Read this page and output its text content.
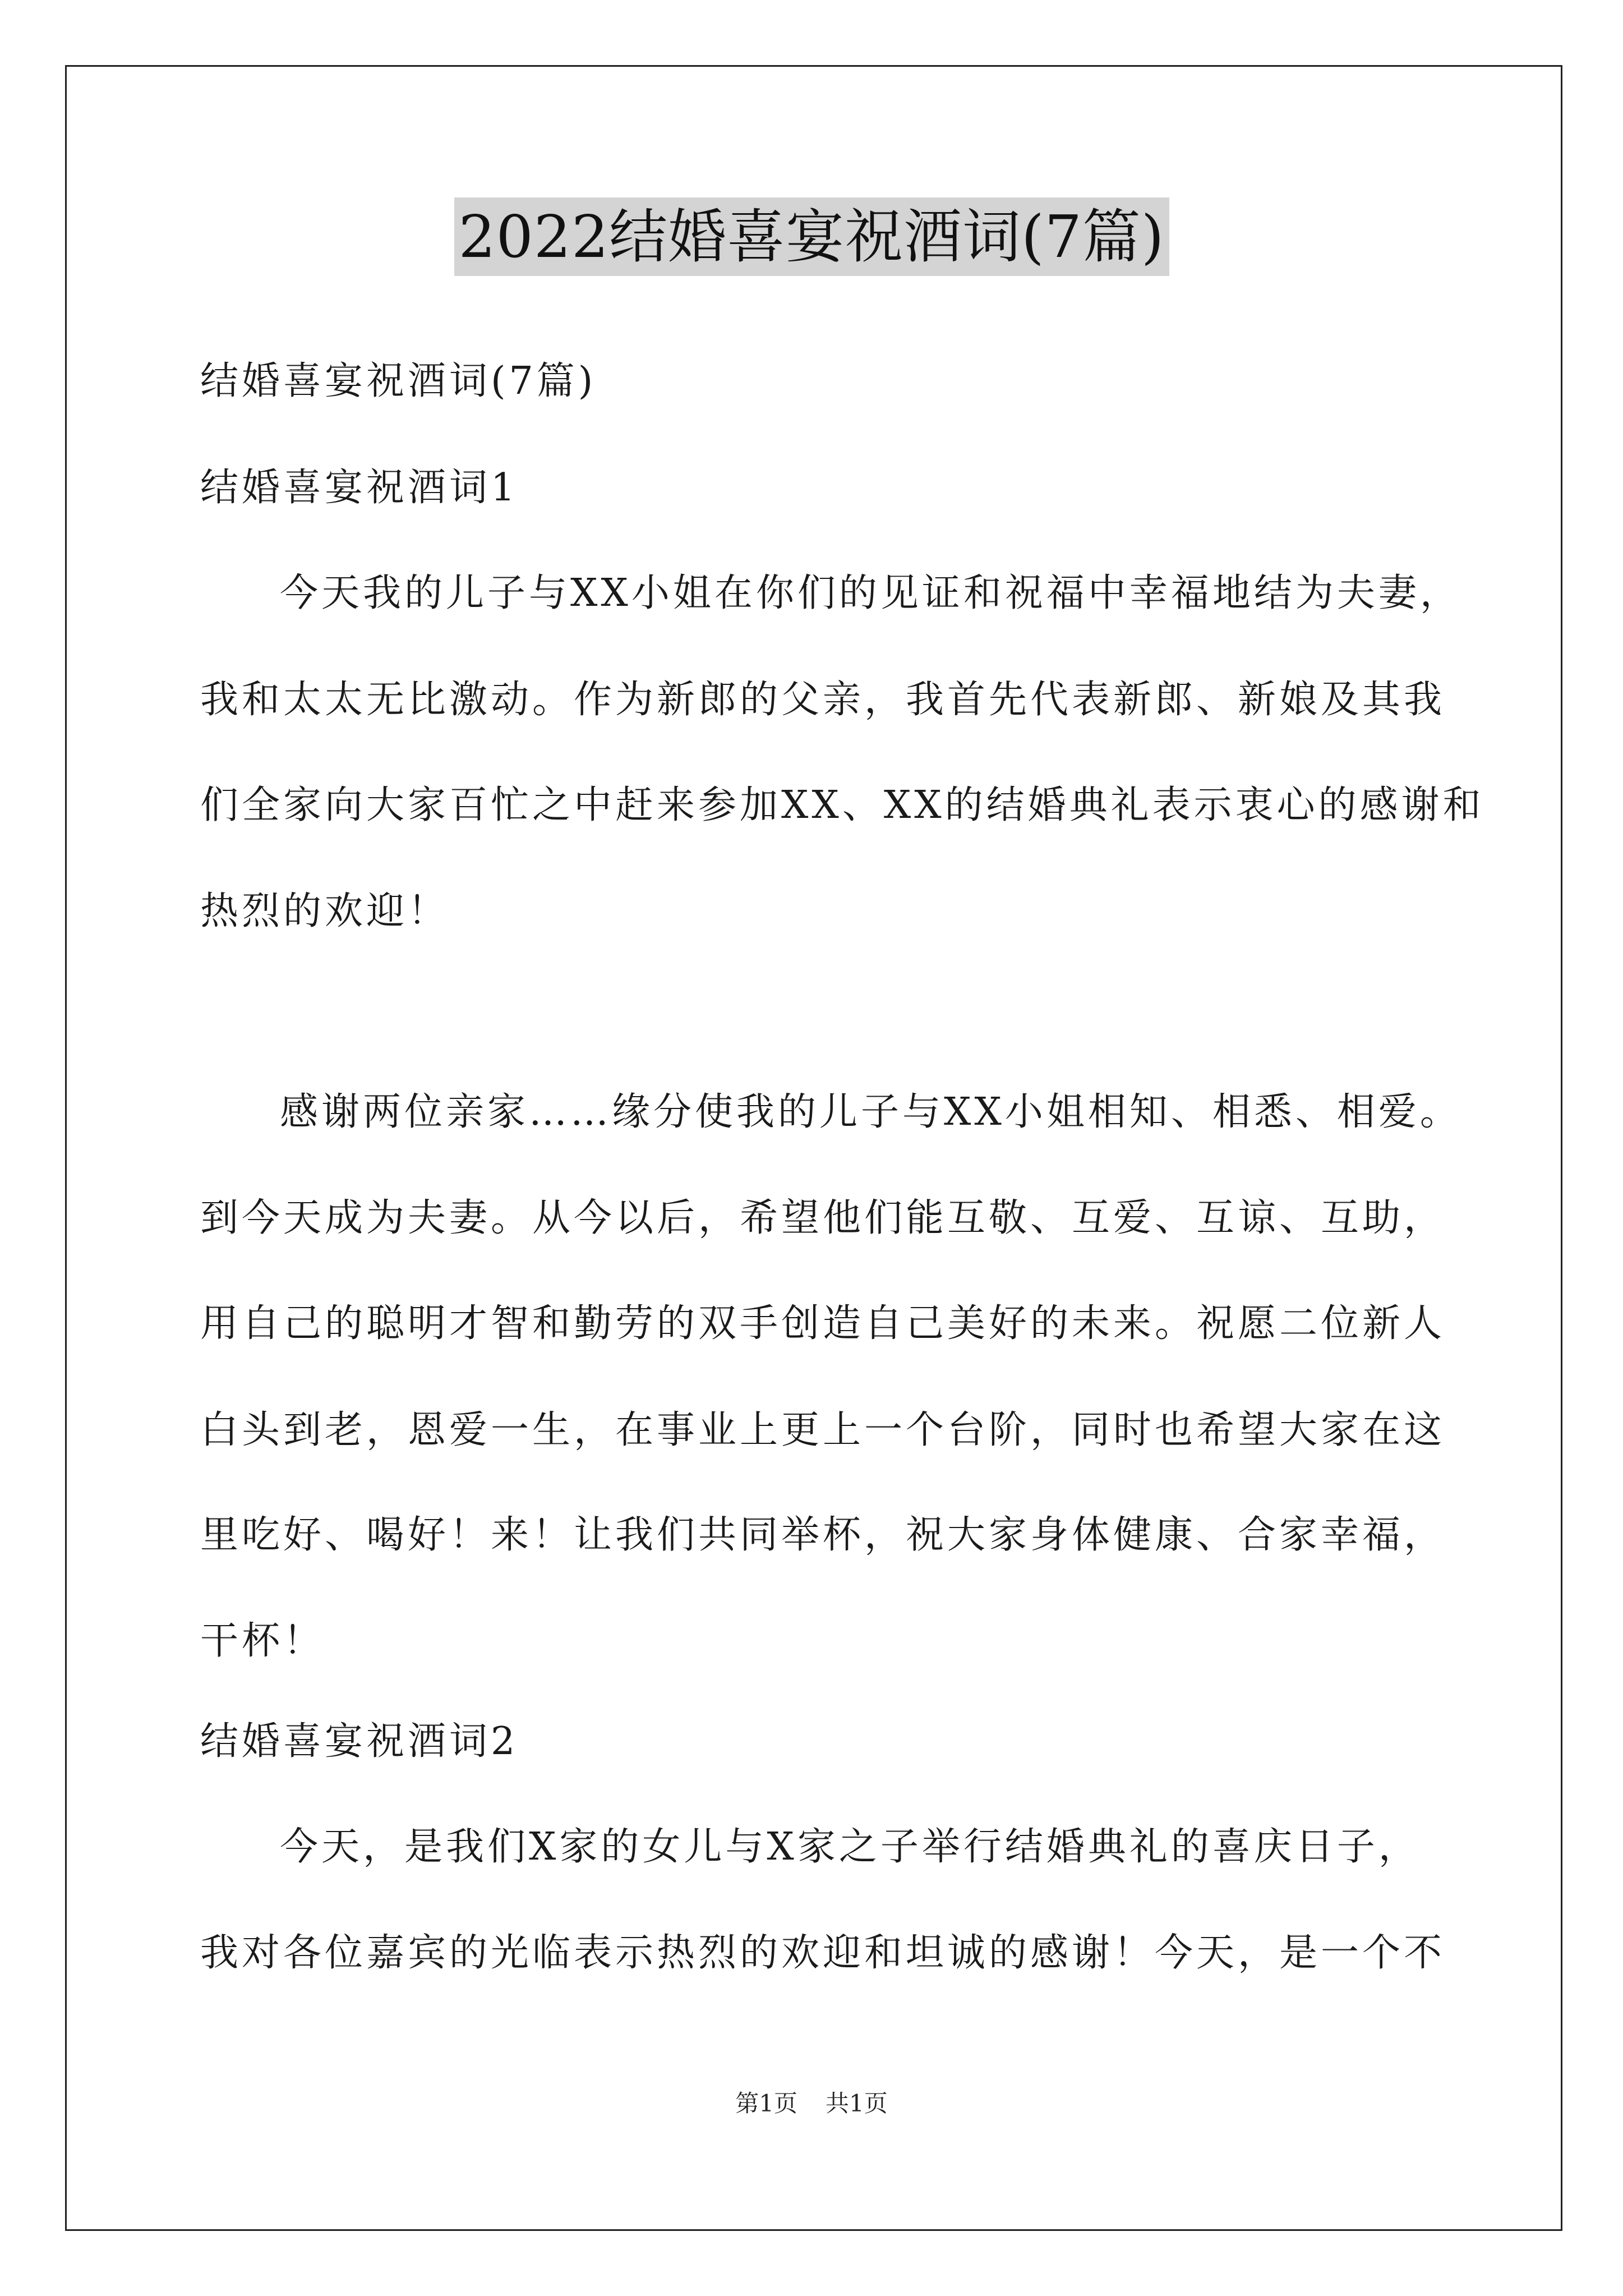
2022结婚喜宴祝酒词(7篇)
结婚喜宴祝酒词(7篇)
结婚喜宴祝酒词1
今天我的儿子与XX小姐在你们的见证和祝福中幸福地结为夫妻，
我和太太无比激动。作为新郎的父亲，我首先代表新郎、新娘及其我
们全家向大家百忙之中赶来参加XX、XX的结婚典礼表示衷心的感谢和
热烈的欢迎！
感谢两位亲家……缘分使我的儿子与XX小姐相知、相悉、相爱。
到今天成为夫妻。从今以后，希望他们能互敬、互爱、互谅、互助，
用自己的聪明才智和勤劳的双手创造自己美好的未来。祝愿二位新人
白头到老，恩爱一生，在事业上更上一个台阶，同时也希望大家在这
里吃好、喝好！来！让我们共同举杯，祝大家身体健康、合家幸福，
干杯！
结婚喜宴祝酒词2
今天，是我们X家的女儿与X家之子举行结婚典礼的喜庆日子，
我对各位嘉宾的光临表示热烈的欢迎和坦诚的感谢！今天，是一个不
第1页 共1页
